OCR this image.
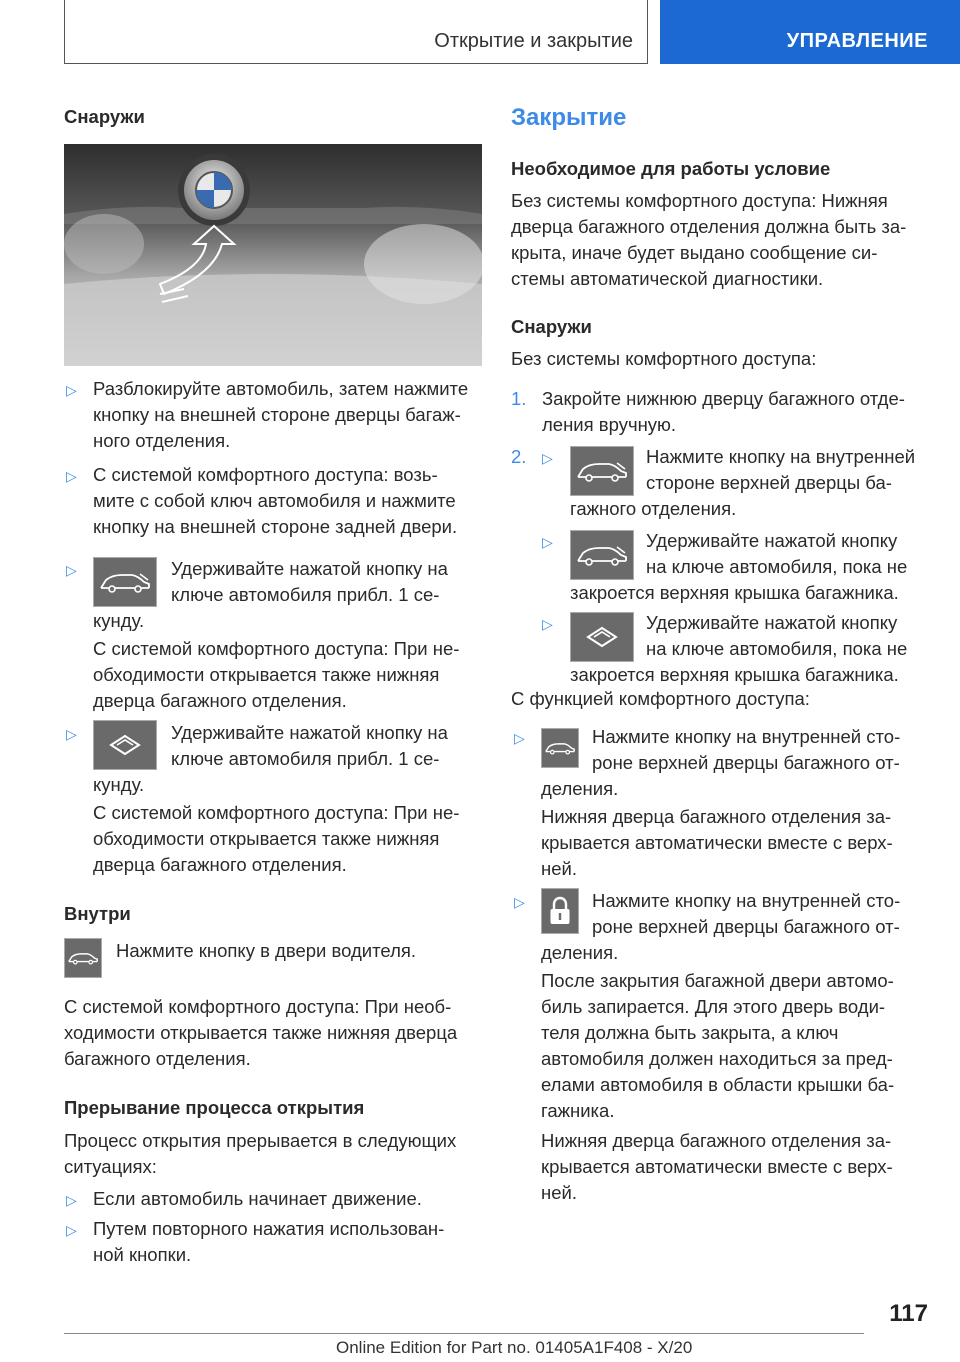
Открытие и закрытие	УПРАВЛЕНИЕ
Снаружи
▷ Разблокируйте автомобиль, затем нажмите
кнопку на внешней стороне дверцы багаж-
ного отделения.
▷ С системой комфортного доступа: возь-
мите с собой ключ автомобиля и нажмите
кнопку на внешней стороне задней двери.
▷	Удерживайте нажатой кнопку на
ключе автомобиля прибл. 1 се-
кунду.
С системой комфортного доступа: При не-
обходимости открывается также нижняя
дверца багажного отделения.
▷	Удерживайте нажатой кнопку на
ключе автомобиля прибл. 1 се-
кунду.
С системой комфортного доступа: При не-
обходимости открывается также нижняя
дверца багажного отделения.
Внутри
Нажмите кнопку в двери водителя.
С системой комфортного доступа: При необ-
ходимости открывается также нижняя дверца
багажного отделения.
Прерывание процесса открытия
Процесс открытия прерывается в следующих
ситуациях:
▷ Если автомобиль начинает движение.
▷ Путем повторного нажатия использован-
ной кнопки.
Закрытие
Необходимое для работы условие
Без системы комфортного доступа: Нижняя
дверца багажного отделения должна быть за-
крыта, иначе будет выдано сообщение си-
стемы автоматической диагностики.
Снаружи
Без системы комфортного доступа:
1. Закройте нижнюю дверцу багажного отде-
ления вручную.
2. ▷	Нажмите кнопку на внутренней
стороне верхней дверцы ба-
гажного отделения.
▷	Удерживайте нажатой кнопку
на ключе автомобиля, пока не
закроется верхняя крышка багажника.
▷	Удерживайте нажатой кнопку
на ключе автомобиля, пока не
закроется верхняя крышка багажника.
С функцией комфортного доступа:
▷	Нажмите кнопку на внутренней сто-
роне верхней дверцы багажного от-
деления.
Нижняя дверца багажного отделения за-
крывается автоматически вместе с верх-
ней.
▷	Нажмите кнопку на внутренней сто-
роне верхней дверцы багажного от-
деления.
После закрытия багажной двери автомо-
биль запирается. Для этого дверь води-
теля должна быть закрыта, а ключ
автомобиля должен находиться за пред-
елами автомобиля в области крышки ба-
гажника.
Нижняя дверца багажного отделения за-
крывается автоматически вместе с верх-
ней.
117
Online Edition for Part no. 01405A1F408 - X/20
